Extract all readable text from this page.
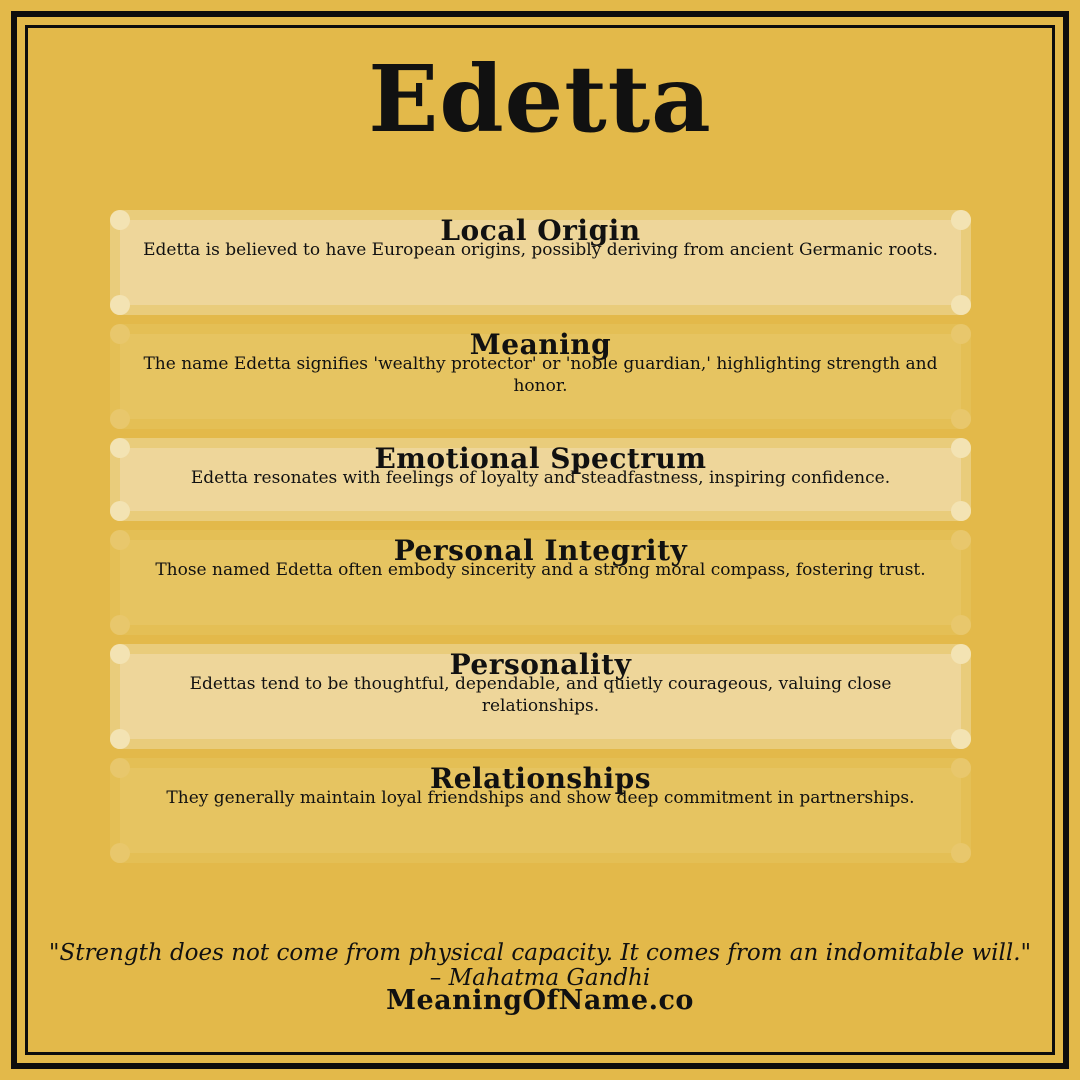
Edetta
Local Origin
Edetta is believed to have European origins, possibly deriving from ancient Germanic roots.
Meaning
The name Edetta signifies 'wealthy protector' or 'noble guardian,' highlighting strength and honor.
Emotional Spectrum
Edetta resonates with feelings of loyalty and steadfastness, inspiring confidence.
Personal Integrity
Those named Edetta often embody sincerity and a strong moral compass, fostering trust.
Personality
Edettas tend to be thoughtful, dependable, and quietly courageous, valuing close relationships.
Relationships
They generally maintain loyal friendships and show deep commitment in partnerships.
"Strength does not come from physical capacity. It comes from an indomitable will."
– Mahatma Gandhi
MeaningOfName.co
